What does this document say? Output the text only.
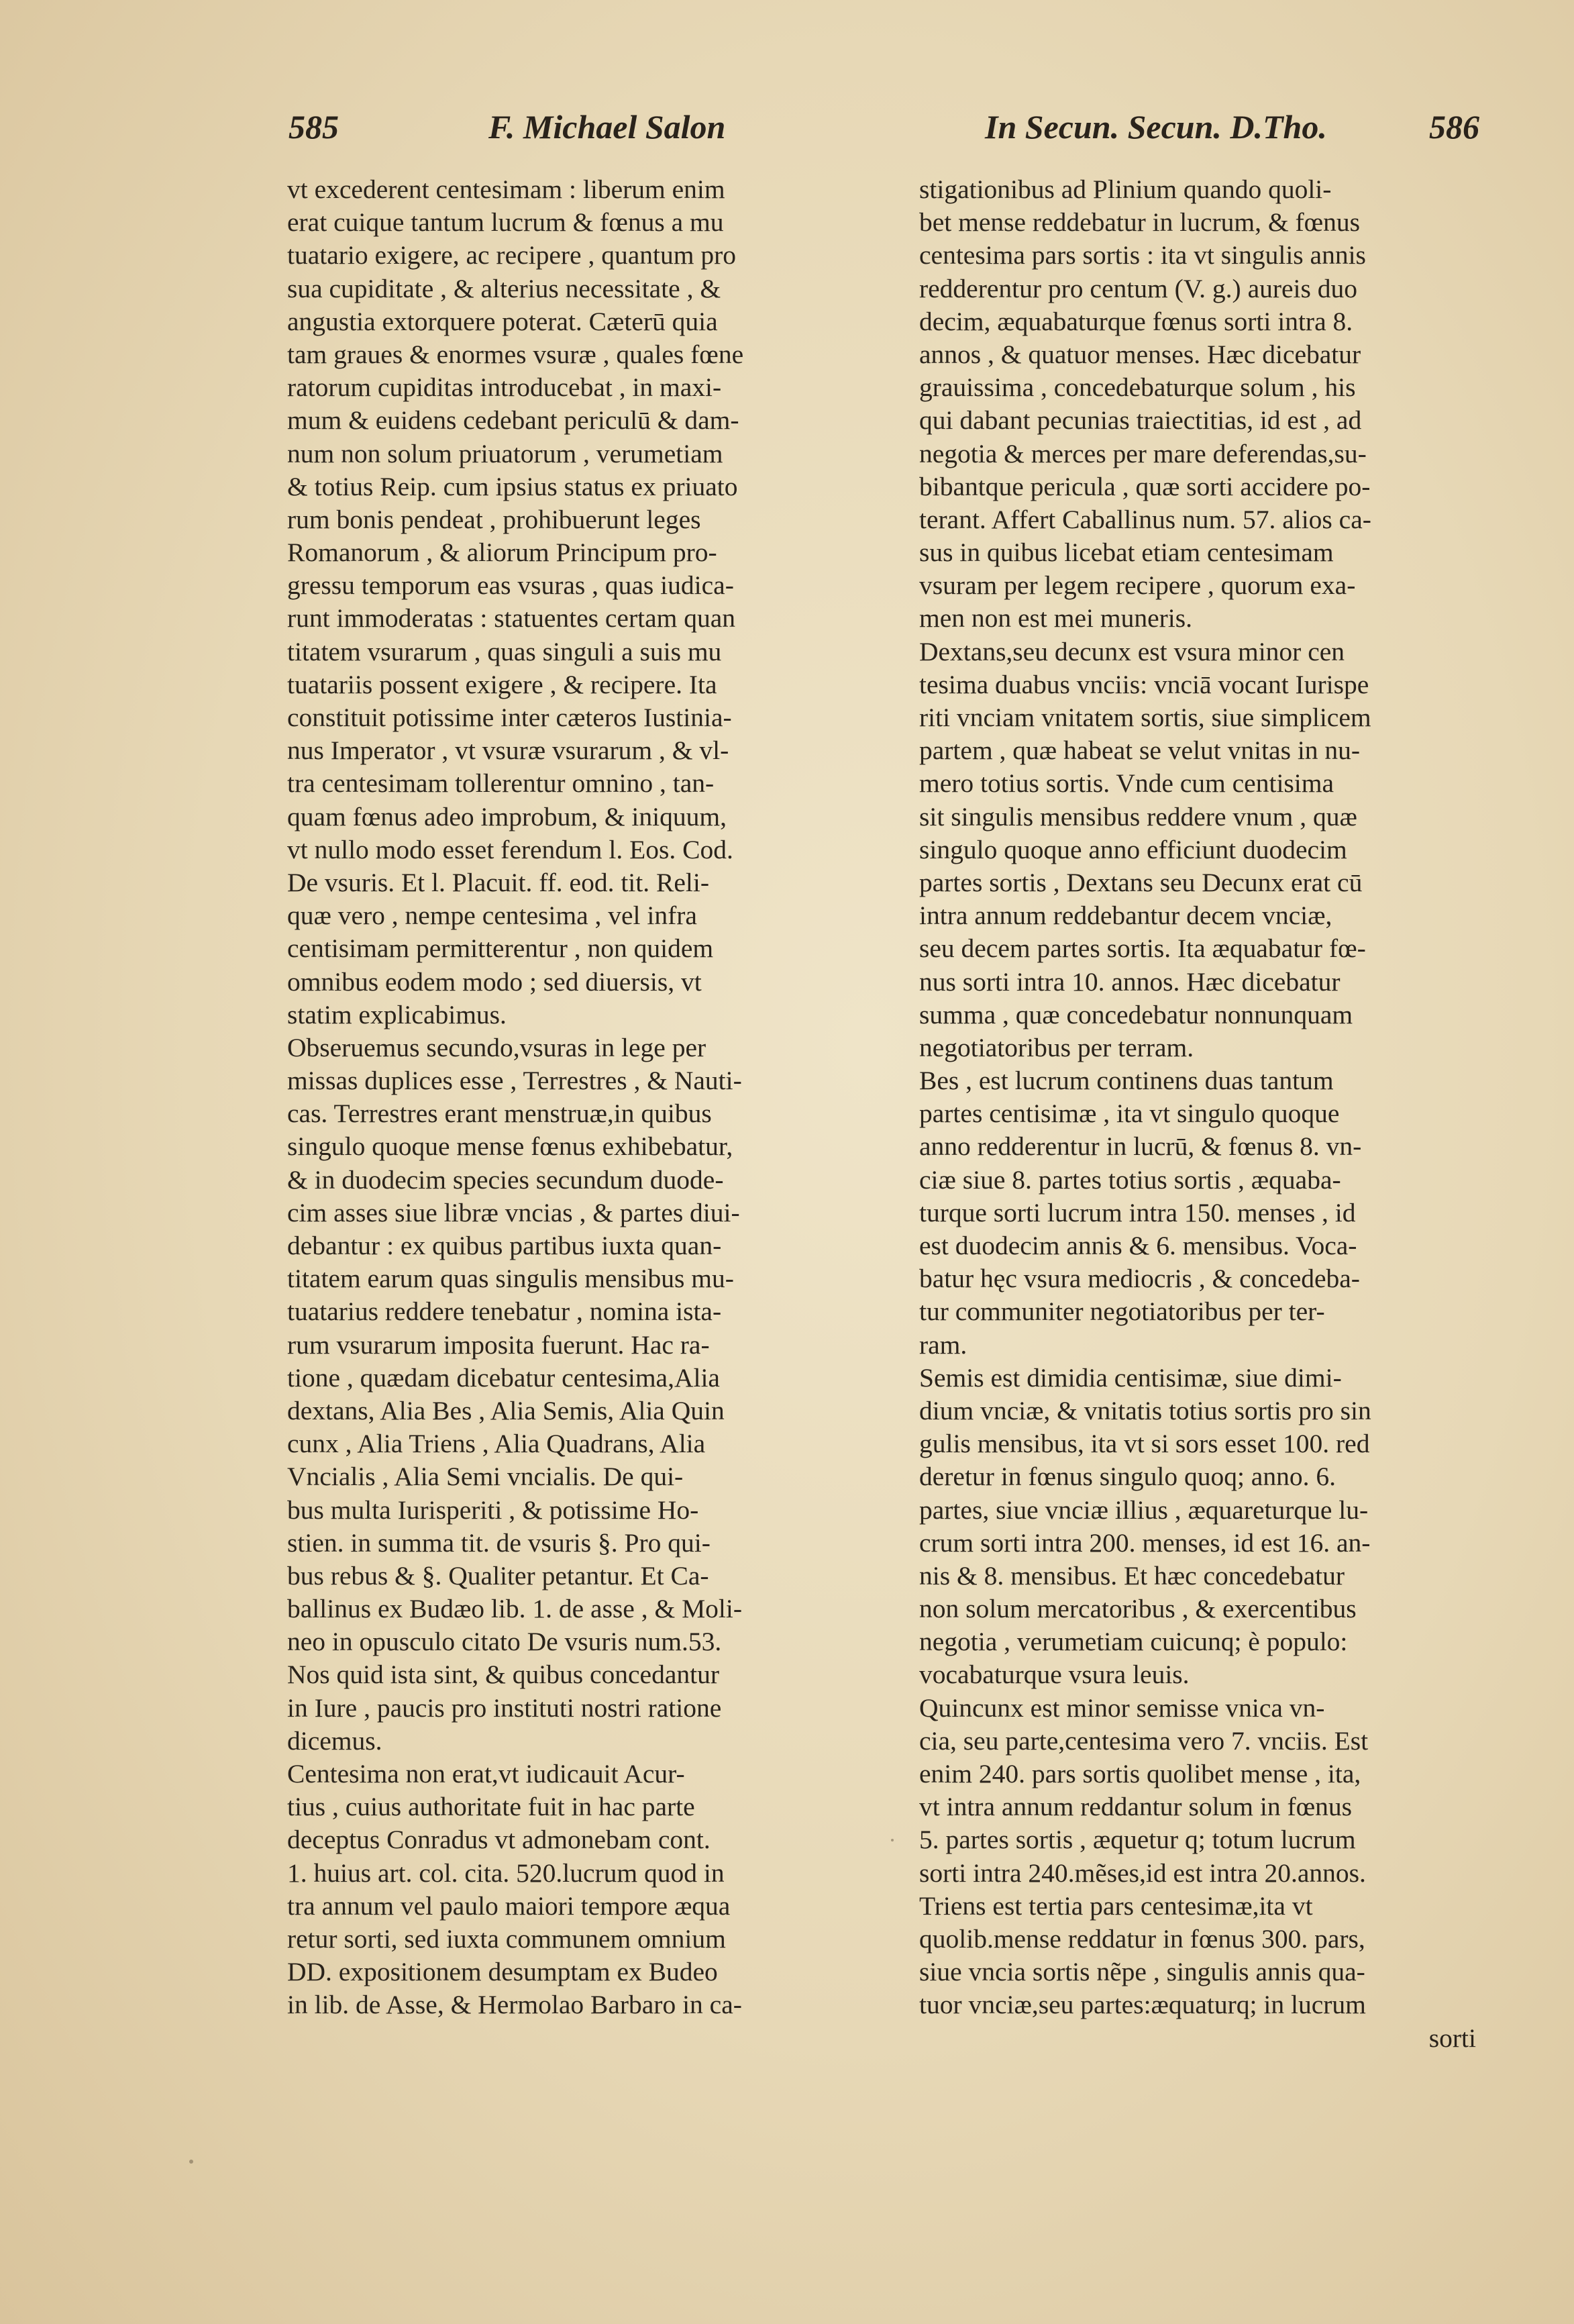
585	F. Michael Salon	In Secun. Secun. D.Tho.	586
vt excederent centesimam : liberum enim
erat cuique tantum lucrum & fœnus a mu
tuatario exigere, ac recipere , quantum pro
sua cupiditate , & alterius necessitate , &
angustia extorquere poterat. Cæterū quia
tam graues & enormes vsuræ , quales fœne
ratorum cupiditas introducebat , in maxi-
mum & euidens cedebant periculū & dam-
num non solum priuatorum , verumetiam
& totius Reip. cum ipsius status ex priuato
rum bonis pendeat , prohibuerunt leges
Romanorum , & aliorum Principum pro-
gressu temporum eas vsuras , quas iudica-
runt immoderatas : statuentes certam quan
titatem vsurarum , quas singuli a suis mu
tuatariis possent exigere , & recipere. Ita
constituit potissime inter cæteros Iustinia-
nus Imperator , vt vsuræ vsurarum , & vl-
tra centesimam tollerentur omnino , tan-
quam fœnus adeo improbum, & iniquum,
vt nullo modo esset ferendum l. Eos. Cod.
De vsuris. Et l. Placuit. ff. eod. tit. Reli-
quæ vero , nempe centesima , vel infra
centisimam permitterentur , non quidem
omnibus eodem modo ; sed diuersis, vt
statim explicabimus.
Obseruemus secundo,vsuras in lege per
missas duplices esse , Terrestres , & Nauti-
cas. Terrestres erant menstruæ,in quibus
singulo quoque mense fœnus exhibebatur,
& in duodecim species secundum duode-
cim asses siue libræ vncias , & partes diui-
debantur : ex quibus partibus iuxta quan-
titatem earum quas singulis mensibus mu-
tuatarius reddere tenebatur , nomina ista-
rum vsurarum imposita fuerunt. Hac ra-
tione , quædam dicebatur centesima,Alia
dextans, Alia Bes , Alia Semis, Alia Quin
cunx , Alia Triens , Alia Quadrans, Alia
Vncialis , Alia Semi vncialis. De qui-
bus multa Iurisperiti , & potissime Ho-
stien. in summa tit. de vsuris §. Pro qui-
bus rebus & §. Qualiter petantur. Et Ca-
ballinus ex Budæo lib. 1. de asse , & Moli-
neo in opusculo citato De vsuris num.53.
Nos quid ista sint, & quibus concedantur
in Iure , paucis pro instituti nostri ratione
dicemus.
Centesima non erat,vt iudicauit Acur-
tius , cuius authoritate fuit in hac parte
deceptus Conradus vt admonebam cont.
1. huius art. col. cita. 520.lucrum quod in
tra annum vel paulo maiori tempore æqua
retur sorti, sed iuxta communem omnium
DD. expositionem desumptam ex Budeo
in lib. de Asse, & Hermolao Barbaro in ca-
stigationibus ad Plinium quando quoli-
bet mense reddebatur in lucrum, & fœnus
centesima pars sortis : ita vt singulis annis
redderentur pro centum (V. g.) aureis duo
decim, æquabaturque fœnus sorti intra 8.
annos , & quatuor menses. Hæc dicebatur
grauissima , concedebaturque solum , his
qui dabant pecunias traiectitias, id est , ad
negotia & merces per mare deferendas,su-
bibantque pericula , quæ sorti accidere po-
terant. Affert Caballinus num. 57. alios ca-
sus in quibus licebat etiam centesimam
vsuram per legem recipere , quorum exa-
men non est mei muneris.
Dextans,seu decunx est vsura minor cen
tesima duabus vnciis: vnciā vocant Iurispe
riti vnciam vnitatem sortis, siue simplicem
partem , quæ habeat se velut vnitas in nu-
mero totius sortis. Vnde cum centisima
sit singulis mensibus reddere vnum , quæ
singulo quoque anno efficiunt duodecim
partes sortis , Dextans seu Decunx erat cū
intra annum reddebantur decem vnciæ,
seu decem partes sortis. Ita æquabatur fœ-
nus sorti intra 10. annos. Hæc dicebatur
summa , quæ concedebatur nonnunquam
negotiatoribus per terram.
Bes , est lucrum continens duas tantum
partes centisimæ , ita vt singulo quoque
anno redderentur in lucrū, & fœnus 8. vn-
ciæ siue 8. partes totius sortis , æquaba-
turque sorti lucrum intra 150. menses , id
est duodecim annis & 6. mensibus. Voca-
batur hęc vsura mediocris , & concedeba-
tur communiter negotiatoribus per ter-
ram.
Semis est dimidia centisimæ, siue dimi-
dium vnciæ, & vnitatis totius sortis pro sin
gulis mensibus, ita vt si sors esset 100. red
deretur in fœnus singulo quoq; anno. 6.
partes, siue vnciæ illius , æquareturque lu-
crum sorti intra 200. menses, id est 16. an-
nis & 8. mensibus. Et hæc concedebatur
non solum mercatoribus , & exercentibus
negotia , verumetiam cuicunq; è populo:
vocabaturque vsura leuis.
Quincunx est minor semisse vnica vn-
cia, seu parte,centesima vero 7. vnciis. Est
enim 240. pars sortis quolibet mense , ita,
vt intra annum reddantur solum in fœnus
5. partes sortis , æquetur q; totum lucrum
sorti intra 240.mẽses,id est intra 20.annos.
Triens est tertia pars centesimæ,ita vt
quolib.mense reddatur in fœnus 300. pars,
siue vncia sortis nẽpe , singulis annis qua-
tuor vnciæ,seu partes:æquaturq; in lucrum
sorti
